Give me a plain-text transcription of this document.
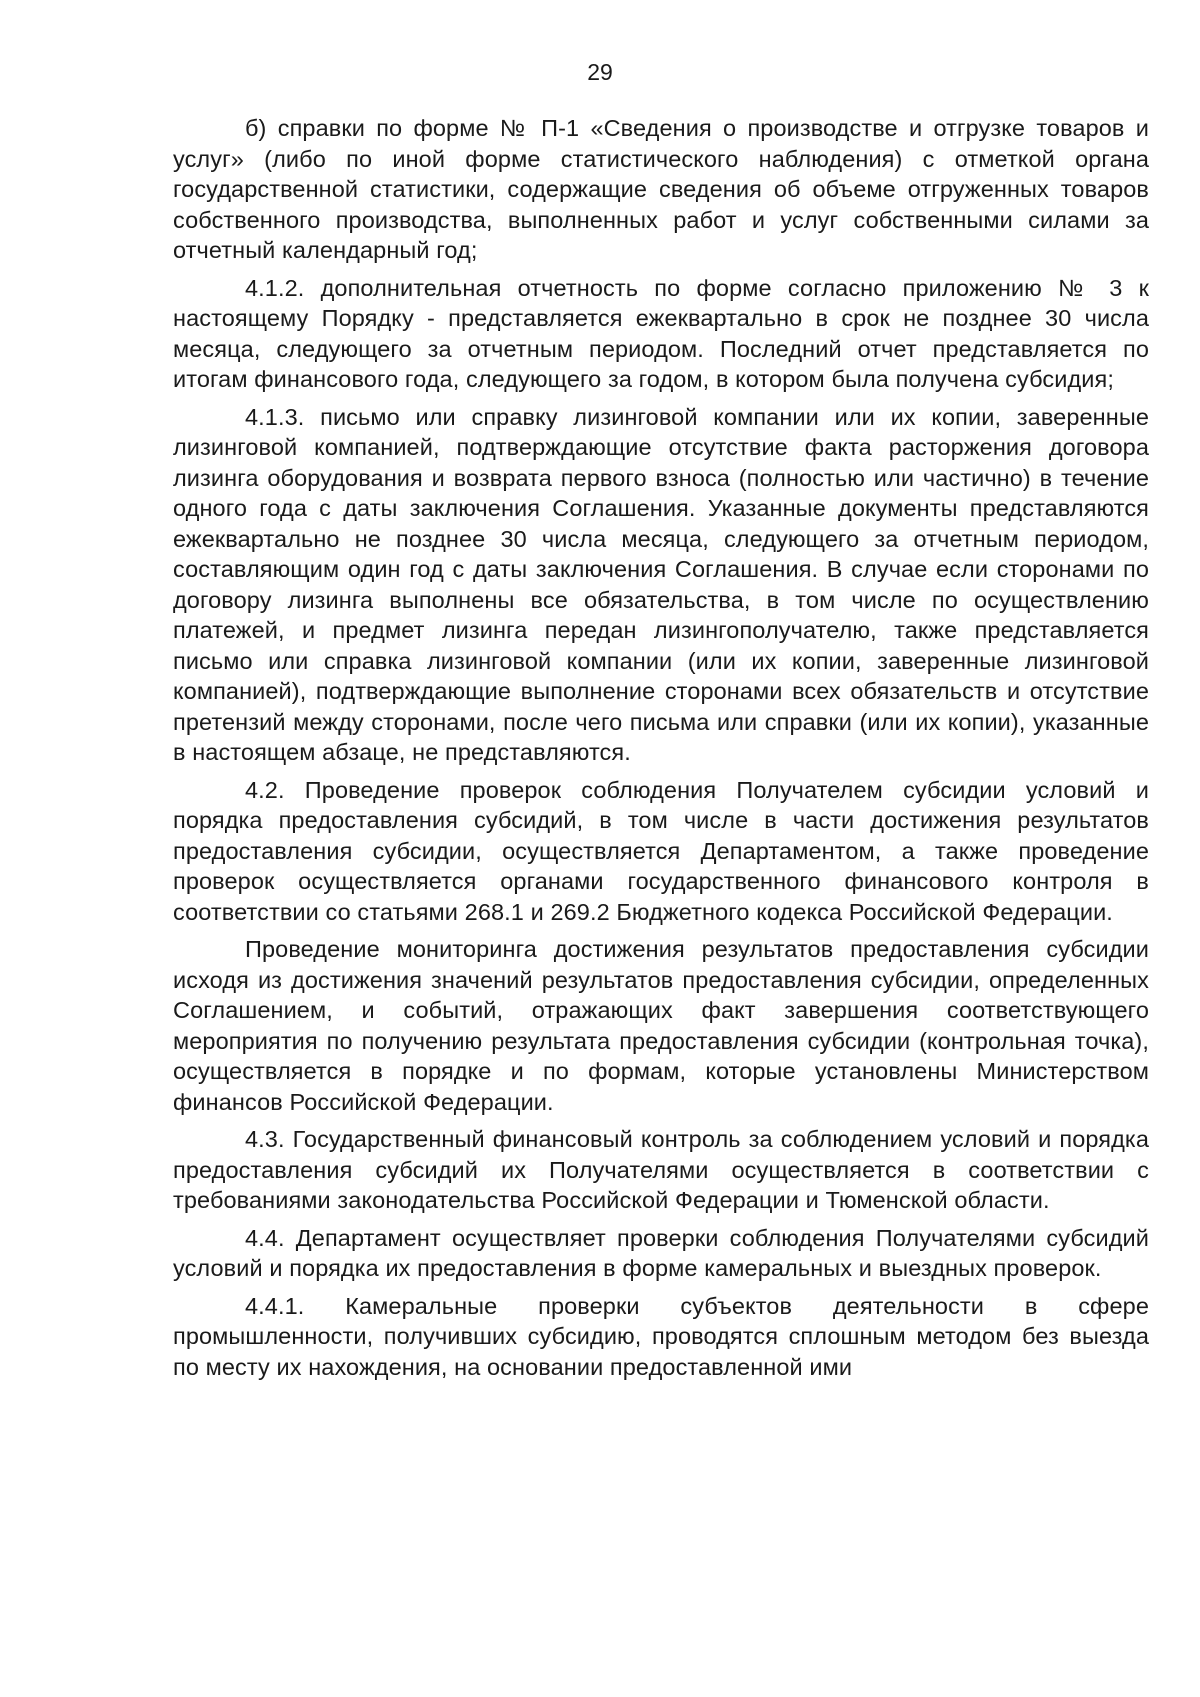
29

б) справки по форме № П-1 «Сведения о производстве и отгрузке товаров и услуг» (либо по иной форме статистического наблюдения) с отметкой органа государственной статистики, содержащие сведения об объеме отгруженных товаров собственного производства, выполненных работ и услуг собственными силами за отчетный календарный год;

4.1.2. дополнительная отчетность по форме согласно приложению № 3 к настоящему Порядку - представляется ежеквартально в срок не позднее 30 числа месяца, следующего за отчетным периодом. Последний отчет представляется по итогам финансового года, следующего за годом, в котором была получена субсидия;

4.1.3. письмо или справку лизинговой компании или их копии, заверенные лизинговой компанией, подтверждающие отсутствие факта расторжения договора лизинга оборудования и возврата первого взноса (полностью или частично) в течение одного года с даты заключения Соглашения. Указанные документы представляются ежеквартально не позднее 30 числа месяца, следующего за отчетным периодом, составляющим один год с даты заключения Соглашения. В случае если сторонами по договору лизинга выполнены все обязательства, в том числе по осуществлению платежей, и предмет лизинга передан лизингополучателю, также представляется письмо или справка лизинговой компании (или их копии, заверенные лизинговой компанией), подтверждающие выполнение сторонами всех обязательств и отсутствие претензий между сторонами, после чего письма или справки (или их копии), указанные в настоящем абзаце, не представляются.

4.2. Проведение проверок соблюдения Получателем субсидии условий и порядка предоставления субсидий, в том числе в части достижения результатов предоставления субсидии, осуществляется Департаментом, а также проведение проверок осуществляется органами государственного финансового контроля в соответствии со статьями 268.1 и 269.2 Бюджетного кодекса Российской Федерации.

Проведение мониторинга достижения результатов предоставления субсидии исходя из достижения значений результатов предоставления субсидии, определенных Соглашением, и событий, отражающих факт завершения соответствующего мероприятия по получению результата предоставления субсидии (контрольная точка), осуществляется в порядке и по формам, которые установлены Министерством финансов Российской Федерации.

4.3. Государственный финансовый контроль за соблюдением условий и порядка предоставления субсидий их Получателями осуществляется в соответствии с требованиями законодательства Российской Федерации и Тюменской области.

4.4. Департамент осуществляет проверки соблюдения Получателями субсидий условий и порядка их предоставления в форме камеральных и выездных проверок.

4.4.1. Камеральные проверки субъектов деятельности в сфере промышленности, получивших субсидию, проводятся сплошным методом без выезда по месту их нахождения, на основании предоставленной ими
